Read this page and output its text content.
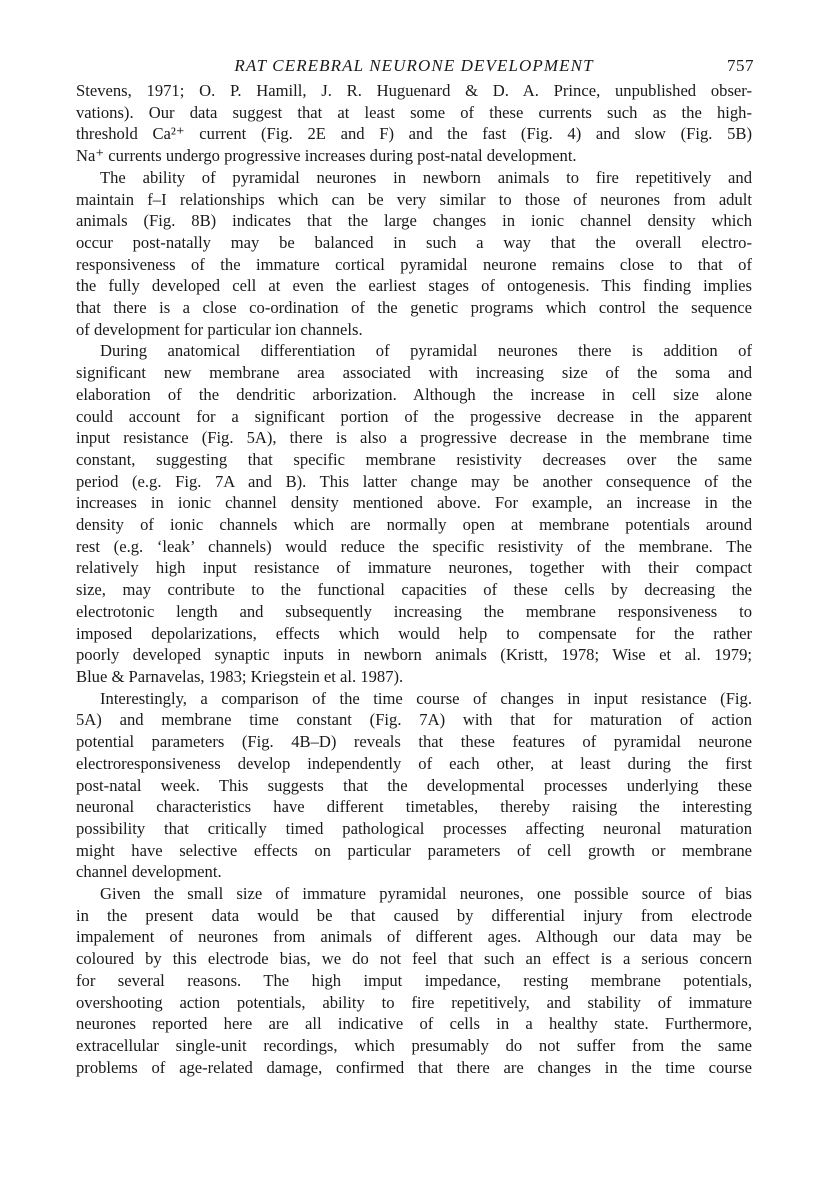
RAT CEREBRAL NEURONE DEVELOPMENT	757
Stevens, 1971; O. P. Hamill, J. R. Huguenard & D. A. Prince, unpublished obser-
vations). Our data suggest that at least some of these currents such as the high-
threshold Ca²⁺ current (Fig. 2E and F) and the fast (Fig. 4) and slow (Fig. 5B)
Na⁺ currents undergo progressive increases during post-natal development.
The ability of pyramidal neurones in newborn animals to fire repetitively and
maintain f–I relationships which can be very similar to those of neurones from adult
animals (Fig. 8B) indicates that the large changes in ionic channel density which
occur post-natally may be balanced in such a way that the overall electro-
responsiveness of the immature cortical pyramidal neurone remains close to that of
the fully developed cell at even the earliest stages of ontogenesis. This finding implies
that there is a close co-ordination of the genetic programs which control the sequence
of development for particular ion channels.
During anatomical differentiation of pyramidal neurones there is addition of
significant new membrane area associated with increasing size of the soma and
elaboration of the dendritic arborization. Although the increase in cell size alone
could account for a significant portion of the progessive decrease in the apparent
input resistance (Fig. 5A), there is also a progressive decrease in the membrane time
constant, suggesting that specific membrane resistivity decreases over the same
period (e.g. Fig. 7A and B). This latter change may be another consequence of the
increases in ionic channel density mentioned above. For example, an increase in the
density of ionic channels which are normally open at membrane potentials around
rest (e.g. ‘leak’ channels) would reduce the specific resistivity of the membrane. The
relatively high input resistance of immature neurones, together with their compact
size, may contribute to the functional capacities of these cells by decreasing the
electrotonic length and subsequently increasing the membrane responsiveness to
imposed depolarizations, effects which would help to compensate for the rather
poorly developed synaptic inputs in newborn animals (Kristt, 1978; Wise et al. 1979;
Blue & Parnavelas, 1983; Kriegstein et al. 1987).
Interestingly, a comparison of the time course of changes in input resistance (Fig.
5A) and membrane time constant (Fig. 7A) with that for maturation of action
potential parameters (Fig. 4B–D) reveals that these features of pyramidal neurone
electroresponsiveness develop independently of each other, at least during the first
post-natal week. This suggests that the developmental processes underlying these
neuronal characteristics have different timetables, thereby raising the interesting
possibility that critically timed pathological processes affecting neuronal maturation
might have selective effects on particular parameters of cell growth or membrane
channel development.
Given the small size of immature pyramidal neurones, one possible source of bias
in the present data would be that caused by differential injury from electrode
impalement of neurones from animals of different ages. Although our data may be
coloured by this electrode bias, we do not feel that such an effect is a serious concern
for several reasons. The high imput impedance, resting membrane potentials,
overshooting action potentials, ability to fire repetitively, and stability of immature
neurones reported here are all indicative of cells in a healthy state. Furthermore,
extracellular single-unit recordings, which presumably do not suffer from the same
problems of age-related damage, confirmed that there are changes in the time course
